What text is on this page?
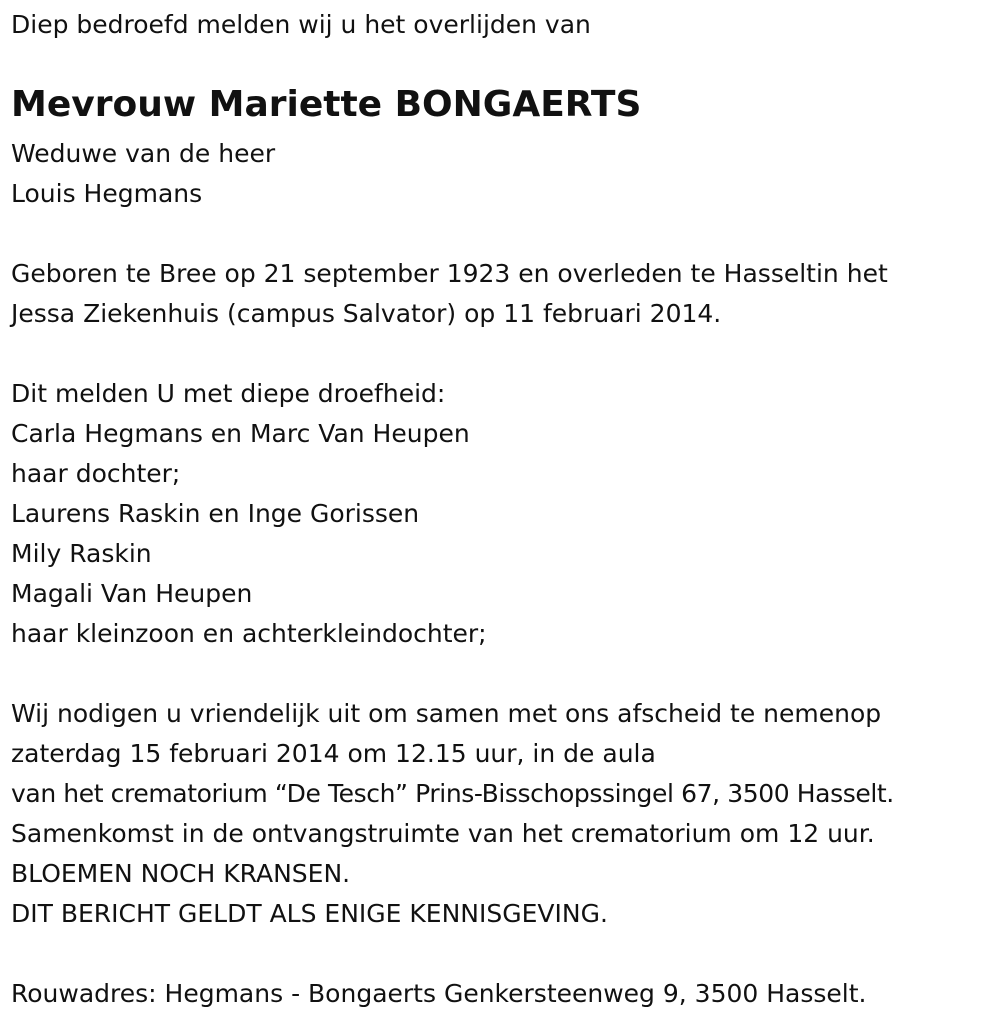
Diep bedroefd melden wij u het overlijden van
Mevrouw Mariette BONGAERTS
Weduwe van de heer
Louis Hegmans
Geboren te Bree op 21 september 1923 en overleden te Hasseltin het
Jessa Ziekenhuis (campus Salvator) op 11 februari 2014.
Dit melden U met diepe droefheid:
Carla Hegmans en Marc Van Heupen
haar dochter;
Laurens Raskin en Inge Gorissen
Mily Raskin
Magali Van Heupen
haar kleinzoon en achterkleindochter;
Wij nodigen u vriendelijk uit om samen met ons afscheid te nemenop
zaterdag 15 februari 2014 om 12.15 uur, in de aula
van het crematorium “De Tesch” Prins-Bisschopssingel 67, 3500 Hasselt.
Samenkomst in de ontvangstruimte van het crematorium om 12 uur.
BLOEMEN NOCH KRANSEN.
DIT BERICHT GELDT ALS ENIGE KENNISGEVING.
Rouwadres: Hegmans - Bongaerts Genkersteenweg 9, 3500 Hasselt.
